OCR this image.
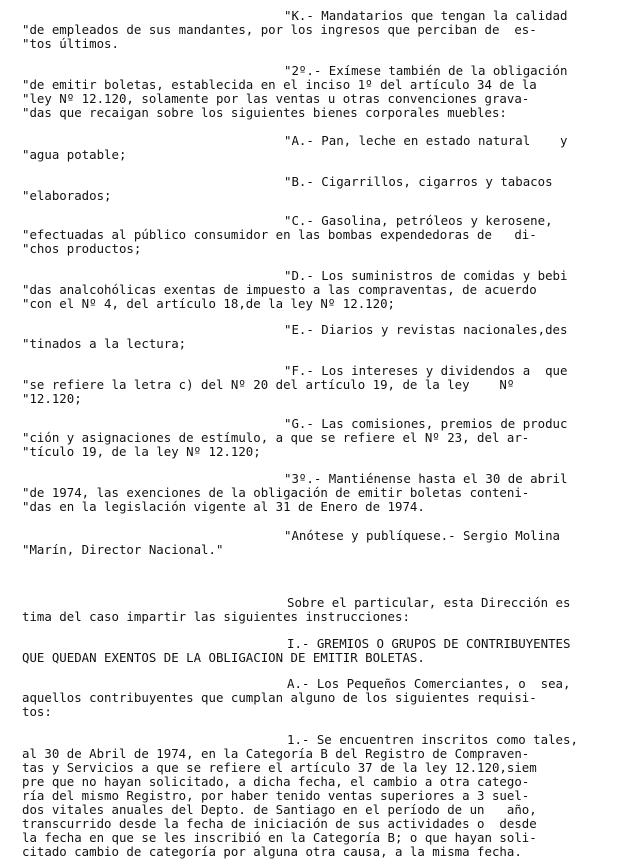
"K.- Mandatarios que tengan la calidad
"de empleados de sus mandantes, por los ingresos que perciban de  es-
"tos últimos.
"2º.- Exímese también de la obligación
"de emitir boletas, establecida en el inciso 1º del artículo 34 de la
"ley Nº 12.120, solamente por las ventas u otras convenciones grava-
"das que recaigan sobre los siguientes bienes corporales muebles:
"A.- Pan, leche en estado natural    y
"agua potable;
"B.- Cigarrillos, cigarros y tabacos
"elaborados;
"C.- Gasolina, petróleos y kerosene,
"efectuadas al público consumidor en las bombas expendedoras de   di-
"chos productos;
"D.- Los suministros de comidas y bebi
"das analcohólicas exentas de impuesto a las compraventas, de acuerdo
"con el Nº 4, del artículo 18,de la ley Nº 12.120;
"E.- Diarios y revistas nacionales,des
"tinados a la lectura;
"F.- Los intereses y dividendos a  que
"se refiere la letra c) del Nº 20 del artículo 19, de la ley    Nº
"12.120;
"G.- Las comisiones, premios de produc
"ción y asignaciones de estímulo, a que se refiere el Nº 23, del ar-
"tículo 19, de la ley Nº 12.120;
"3º.- Mantiénense hasta el 30 de abril
"de 1974, las exenciones de la obligación de emitir boletas conteni-
"das en la legislación vigente al 31 de Enero de 1974.
"Anótese y publíquese.- Sergio Molina
"Marín, Director Nacional."
Sobre el particular, esta Dirección es
tima del caso impartir las siguientes instrucciones:
I.- GREMIOS O GRUPOS DE CONTRIBUYENTES
QUE QUEDAN EXENTOS DE LA OBLIGACION DE EMITIR BOLETAS.
A.- Los Pequeños Comerciantes, o  sea,
aquellos contribuyentes que cumplan alguno de los siguientes requisi-
tos:
1.- Se encuentren inscritos como tales,
al 30 de Abril de 1974, en la Categoría B del Registro de Compraven-
tas y Servicios a que se refiere el artículo 37 de la ley 12.120,siem
pre que no hayan solicitado, a dicha fecha, el cambio a otra catego-
ría del mismo Registro, por haber tenido ventas superiores a 3 suel-
dos vitales anuales del Depto. de Santiago en el período de un   año,
transcurrido desde la fecha de iniciación de sus actividades o  desde
la fecha en que se les inscribió en la Categoría B; o que hayan soli-
citado cambio de categoría por alguna otra causa, a la misma fecha.
